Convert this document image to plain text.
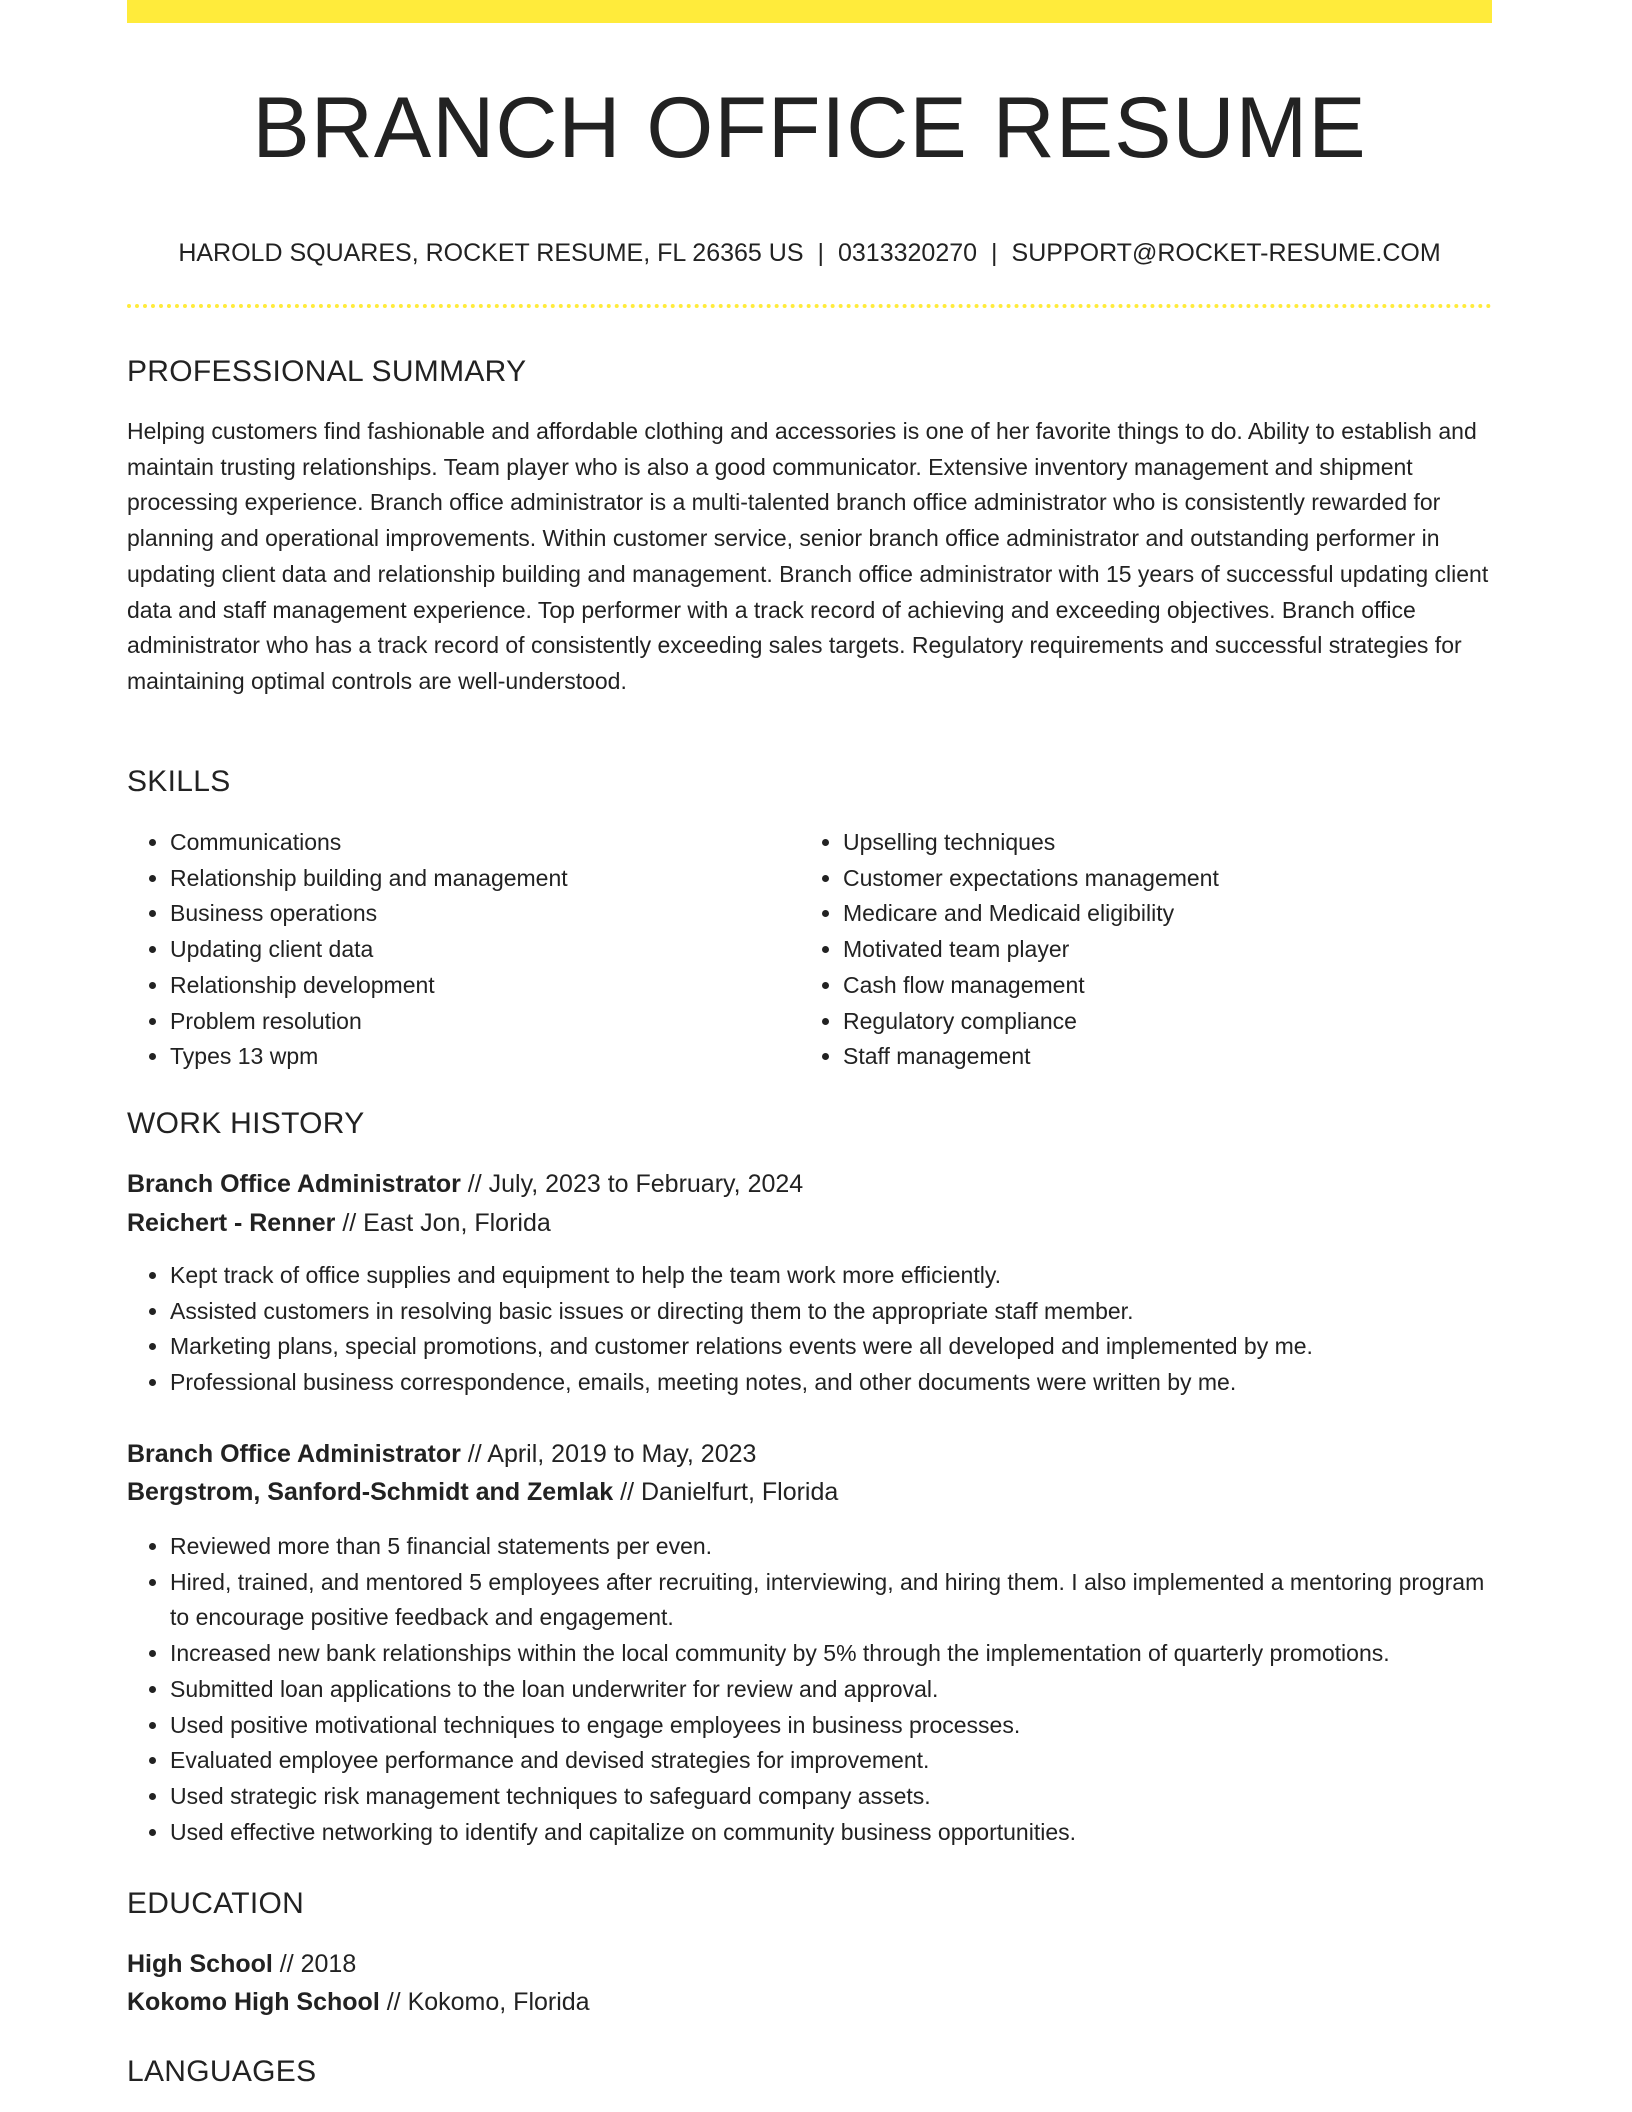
BRANCH OFFICE RESUME
HAROLD SQUARES, ROCKET RESUME, FL 26365 US | 0313320270 | SUPPORT@ROCKET-RESUME.COM
PROFESSIONAL SUMMARY

Helping customers find fashionable and affordable clothing and accessories is one of her favorite things to do. Ability to establish and maintain trusting relationships. Team player who is also a good communicator. Extensive inventory management and shipment processing experience. Branch office administrator is a multi-talented branch office administrator who is consistently rewarded for planning and operational improvements. Within customer service, senior branch office administrator and outstanding performer in updating client data and relationship building and management. Branch office administrator with 15 years of successful updating client data and staff management experience. Top performer with a track record of achieving and exceeding objectives. Branch office administrator who has a track record of consistently exceeding sales targets. Regulatory requirements and successful strategies for maintaining optimal controls are well-understood.

SKILLS
• Communications
• Relationship building and management
• Business operations
• Updating client data
• Relationship development
• Problem resolution
• Types 13 wpm
• Upselling techniques
• Customer expectations management
• Medicare and Medicaid eligibility
• Motivated team player
• Cash flow management
• Regulatory compliance
• Staff management
WORK HISTORY
Branch Office Administrator // July, 2023 to February, 2024
Reichert - Renner // East Jon, Florida
• Kept track of office supplies and equipment to help the team work more efficiently.
• Assisted customers in resolving basic issues or directing them to the appropriate staff member.
• Marketing plans, special promotions, and customer relations events were all developed and implemented by me.
• Professional business correspondence, emails, meeting notes, and other documents were written by me.
Branch Office Administrator // April, 2019 to May, 2023
Bergstrom, Sanford-Schmidt and Zemlak // Danielfurt, Florida
• Reviewed more than 5 financial statements per even.
• Hired, trained, and mentored 5 employees after recruiting, interviewing, and hiring them. I also implemented a mentoring program to encourage positive feedback and engagement.
• Increased new bank relationships within the local community by 5% through the implementation of quarterly promotions.
• Submitted loan applications to the loan underwriter for review and approval.
• Used positive motivational techniques to engage employees in business processes.
• Evaluated employee performance and devised strategies for improvement.
• Used strategic risk management techniques to safeguard company assets.
• Used effective networking to identify and capitalize on community business opportunities.
EDUCATION
High School // 2018
Kokomo High School // Kokomo, Florida
LANGUAGES
